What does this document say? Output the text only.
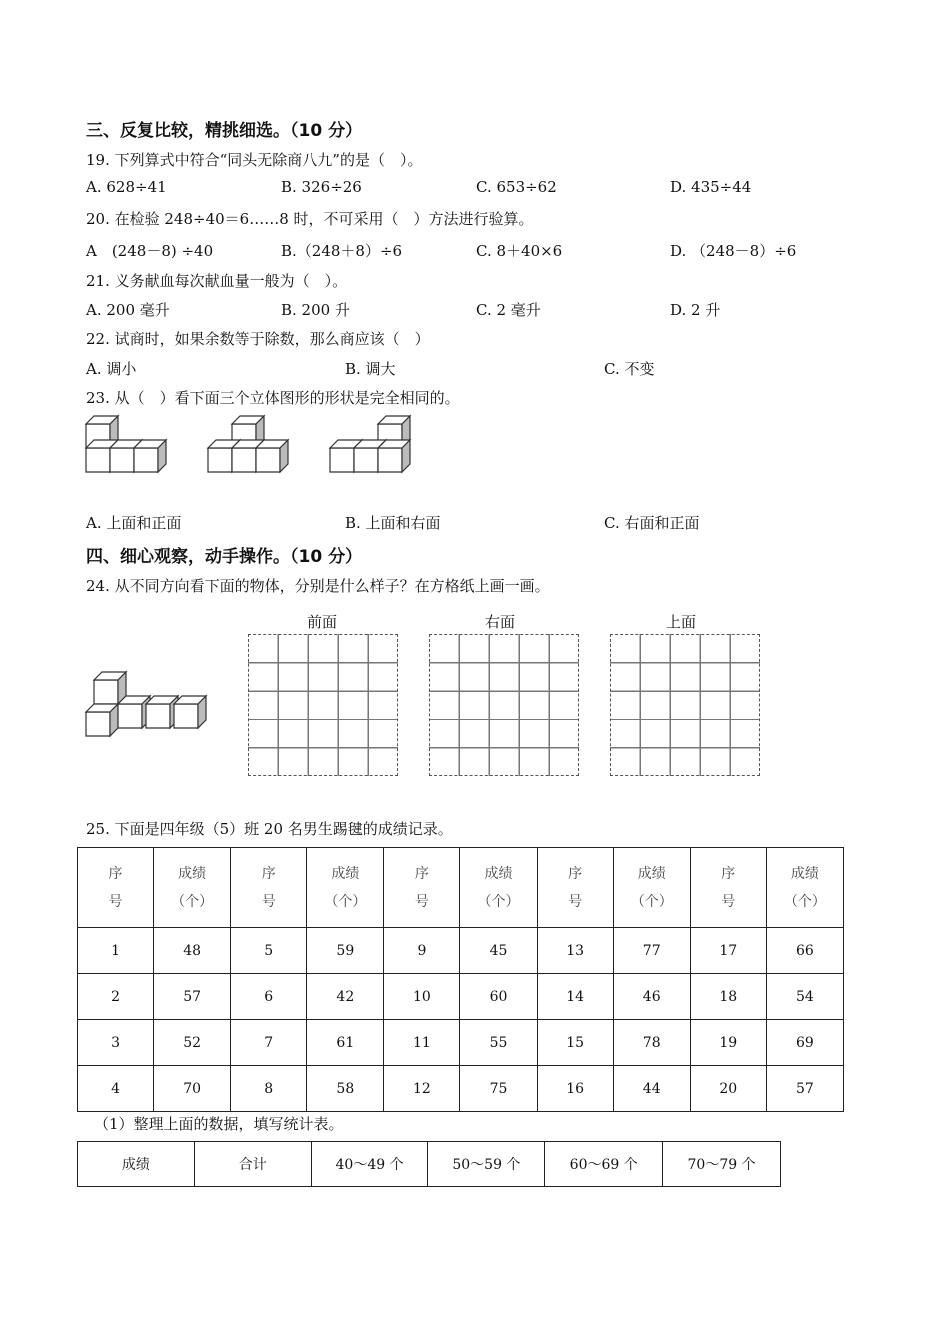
三、反复比较，精挑细选。（10 分）
19. 下列算式中符合“同头无除商八九”的是（　）。
A. 628÷41	B. 326÷26	C. 653÷62	D. 435÷44
20. 在检验 248÷40＝6……8 时，不可采用（　）方法进行验算。
A　(248－8) ÷40	B.（248＋8）÷6	C. 8＋40×6	D. （248－8）÷6
21. 义务献血每次献血量一般为（　）。
A. 200 毫升	B. 200 升	C. 2 毫升	D. 2 升
22. 试商时，如果余数等于除数，那么商应该（　）
A. 调小	B. 调大	C. 不变
23. 从（　）看下面三个立体图形的形状是完全相同的。
A. 上面和正面	B. 上面和右面	C. 右面和正面
四、细心观察，动手操作。（10 分）
24. 从不同方向看下面的物体，分别是什么样子？在方格纸上画一画。
前面	右面	上面
25. 下面是四年级（5）班 20 名男生踢毽的成绩记录。
序
号	成绩
（个）	序
号	成绩
（个）	序
号	成绩
（个）	序
号	成绩
（个）	序
号	成绩
（个）
1	48	5	59	9	45	13	77	17	66
2	57	6	42	10	60	14	46	18	54
3	52	7	61	11	55	15	78	19	69
4	70	8	58	12	75	16	44	20	57
（1）整理上面的数据，填写统计表。
成绩	合计	40～49 个	50～59 个	60～69 个	70～79 个
